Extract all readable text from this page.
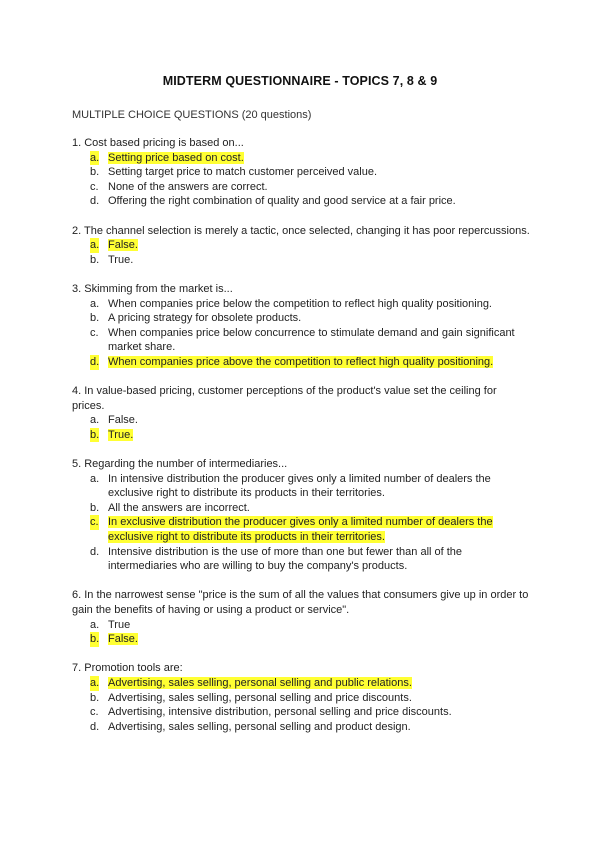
MIDTERM QUESTIONNAIRE - TOPICS 7, 8 & 9
MULTIPLE CHOICE QUESTIONS (20 questions)

1. Cost based pricing is based on...

a. Setting price based on cost.
b. Setting target price to match customer perceived value.
c. None of the answers are correct.
d. Offering the right combination of quality and good service at a fair price.

2. The channel selection is merely a tactic, once selected, changing it has poor repercussions.

a. False.
b. True.

3. Skimming from the market is...

a. When companies price below the competition to reflect high quality positioning.
b. A pricing strategy for obsolete products.
c. When companies price below concurrence to stimulate demand and gain significant market share.
d. When companies price above the competition to reflect high quality positioning.

4. In value-based pricing, customer perceptions of the product's value set the ceiling for prices.

a. False.
b. True.

5. Regarding the number of intermediaries...

a. In intensive distribution the producer gives only a limited number of dealers the exclusive right to distribute its products in their territories.
b. All the answers are incorrect.
c. In exclusive distribution the producer gives only a limited number of dealers the exclusive right to distribute its products in their territories.
d. Intensive distribution is the use of more than one but fewer than all of the intermediaries who are willing to buy the company's products.

6. In the narrowest sense "price is the sum of all the values that consumers give up in order to gain the benefits of having or using a product or service".

a. True
b. False.

7. Promotion tools are:

a. Advertising, sales selling, personal selling and public relations.
b. Advertising, sales selling, personal selling and price discounts.
c. Advertising, intensive distribution, personal selling and price discounts.
d. Advertising, sales selling, personal selling and product design.
